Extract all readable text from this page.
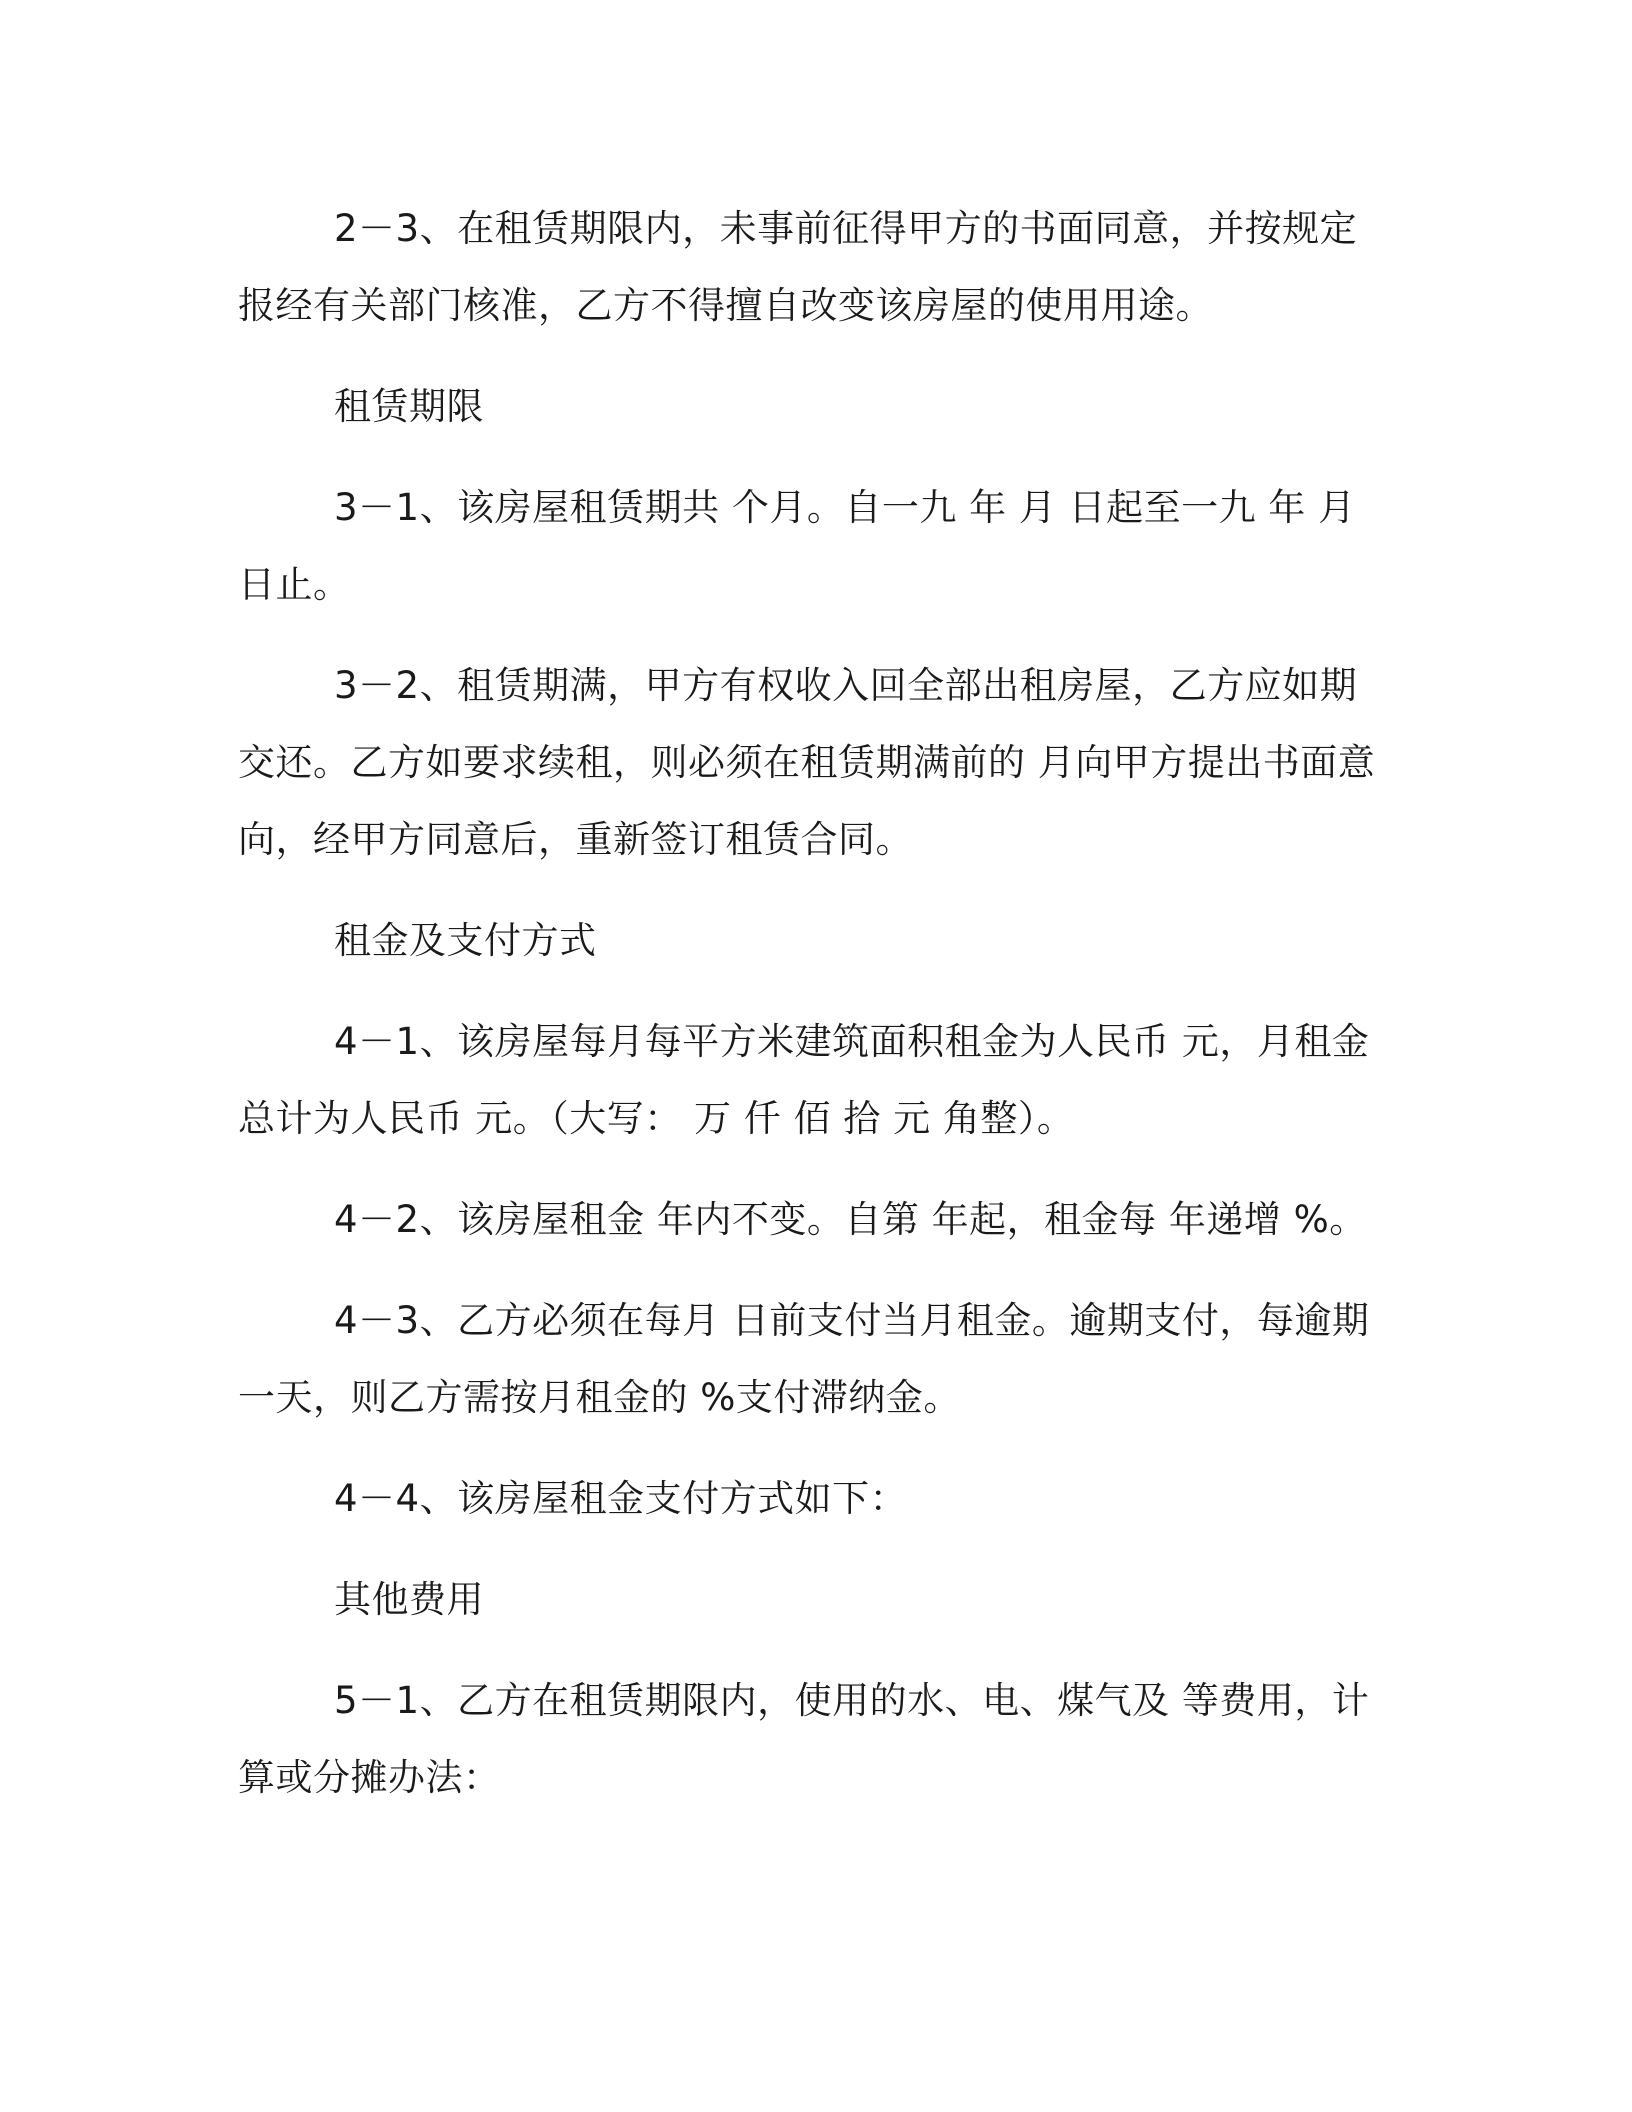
2－3、在租赁期限内，未事前征得甲方的书面同意，并按规定报经有关部门核准，乙方不得擅自改变该房屋的使用用途。

租赁期限

3－1、该房屋租赁期共 个月。自一九 年 月 日起至一九 年 月 日止。

3－2、租赁期满，甲方有权收入回全部出租房屋，乙方应如期交还。乙方如要求续租，则必须在租赁期满前的 月向甲方提出书面意向，经甲方同意后，重新签订租赁合同。

租金及支付方式

4－1、该房屋每月每平方米建筑面积租金为人民币 元，月租金总计为人民币 元。（大写： 万 仟 佰 拾 元 角整）。

4－2、该房屋租金 年内不变。自第 年起，租金每 年递增 %。

4－3、乙方必须在每月 日前支付当月租金。逾期支付，每逾期一天，则乙方需按月租金的 %支付滞纳金。

4－4、该房屋租金支付方式如下：

其他费用

5－1、乙方在租赁期限内，使用的水、电、煤气及 等费用，计算或分摊办法：
